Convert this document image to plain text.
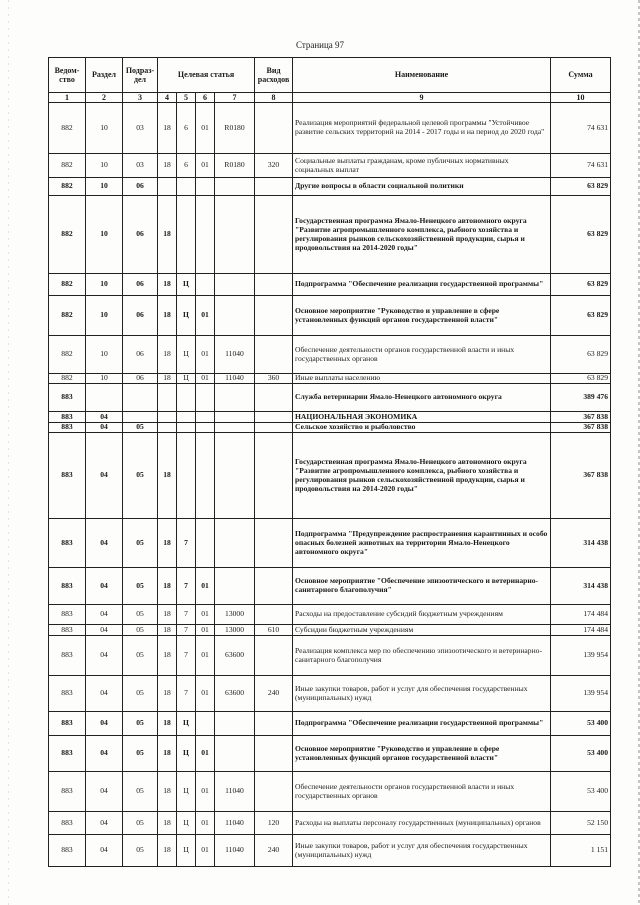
Страница 97
Ведом-ство	Раздел	Подраз-дел	Целевая статья				Вид расходов	Наименование	Сумма
1	2	3	4	5	6	7	8	9	10
882	10	03	18	6	01	R0180		Реализация мероприятий федеральной целевой программы "Устойчивое развитие сельских территорий на 2014 - 2017 годы и на период до 2020 года"	74 631
882	10	03	18	6	01	R0180	320	Социальные выплаты гражданам, кроме публичных нормативных социальных выплат	74 631
882	10	06						Другие вопросы в области социальной политики	63 829
882	10	06	18					Государственная программа Ямало-Ненецкого автономного округа "Развитие агропромышленного комплекса, рыбного хозяйства и регулирования рынков сельскохозяйственной продукции, сырья и продовольствия на 2014-2020 годы"	63 829
882	10	06	18	Ц				Подпрограмма "Обеспечение реализации государственной программы"	63 829
882	10	06	18	Ц	01			Основное мероприятие "Руководство и управление в сфере установленных функций органов государственной власти"	63 829
882	10	06	18	Ц	01	11040		Обеспечение деятельности органов государственной власти и иных государственных органов	63 829
882	10	06	18	Ц	01	11040	360	Иные выплаты населению	63 829
883								Служба ветеринарии Ямало-Ненецкого автономного округа	389 476
883	04							НАЦИОНАЛЬНАЯ ЭКОНОМИКА	367 838
883	04	05						Сельское хозяйство и рыболовство	367 838
883	04	05	18					Государственная программа Ямало-Ненецкого автономного округа "Развитие агропромышленного комплекса, рыбного хозяйства и регулирования рынков сельскохозяйственной продукции, сырья и продовольствия на 2014-2020 годы"	367 838
883	04	05	18	7				Подпрограмма "Предупреждение распространения карантинных и особо опасных болезней животных на территории Ямало-Ненецкого автономного округа"	314 438
883	04	05	18	7	01			Основное мероприятие "Обеспечение эпизоотического и ветеринарно-санитарного благополучия"	314 438
883	04	05	18	7	01	13000		Расходы на предоставление субсидий бюджетным учреждениям	174 484
883	04	05	18	7	01	13000	610	Субсидии бюджетным учреждениям	174 484
883	04	05	18	7	01	63600		Реализация комплекса мер по обеспечению эпизоотического и ветеринарно-санитарного благополучия	139 954
883	04	05	18	7	01	63600	240	Иные закупки товаров, работ и услуг для обеспечения государственных (муниципальных) нужд	139 954
883	04	05	18	Ц				Подпрограмма "Обеспечение реализации государственной программы"	53 400
883	04	05	18	Ц	01			Основное мероприятие "Руководство и управление в сфере установленных функций органов государственной власти"	53 400
883	04	05	18	Ц	01	11040		Обеспечение деятельности органов государственной власти и иных государственных органов	53 400
883	04	05	18	Ц	01	11040	120	Расходы на выплаты персоналу государственных (муниципальных) органов	52 150
883	04	05	18	Ц	01	11040	240	Иные закупки товаров, работ и услуг для обеспечения государственных (муниципальных) нужд	1 151
